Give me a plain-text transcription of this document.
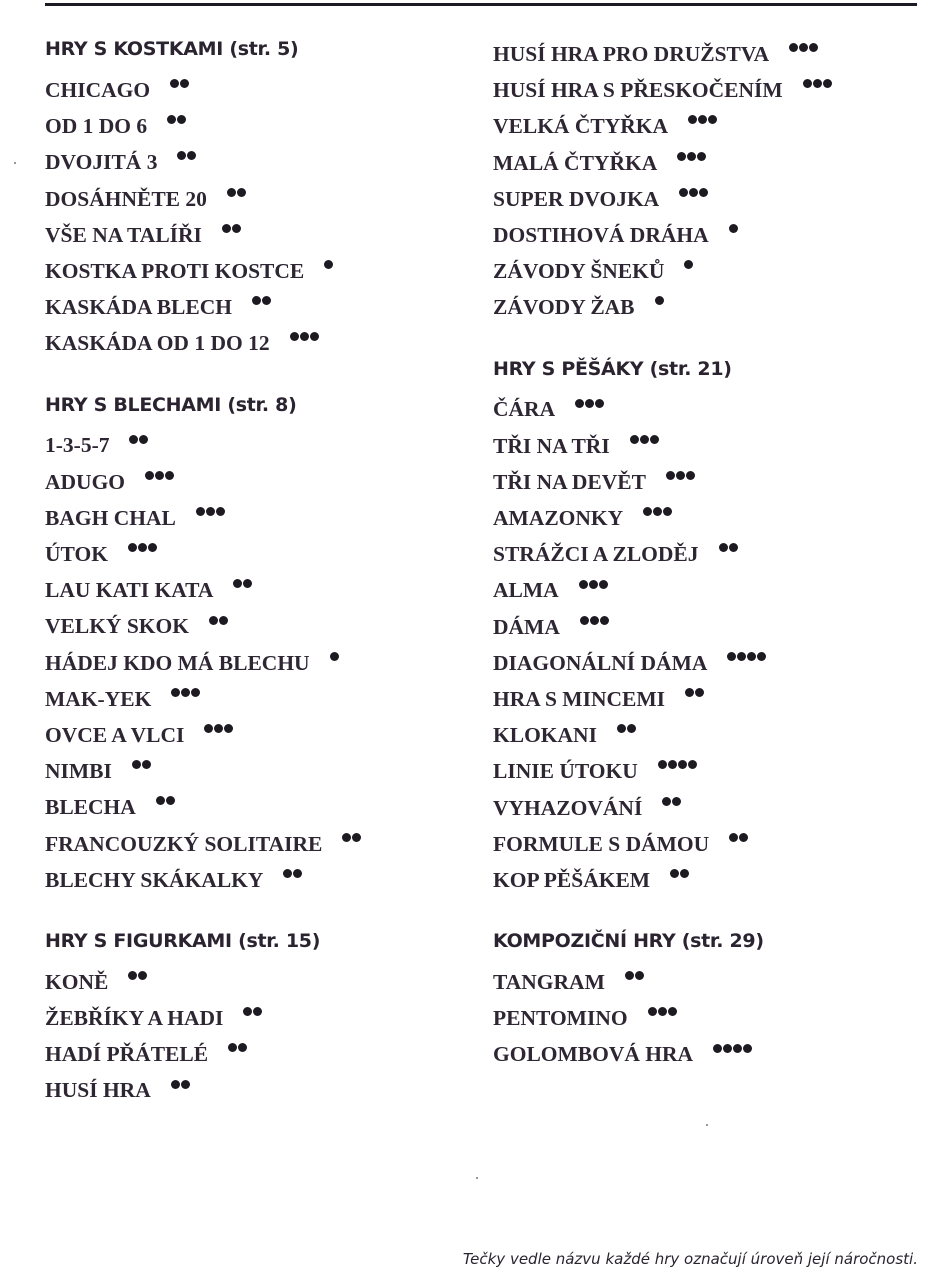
HRY S KOSTKAMI (str. 5)
CHICAGO
OD 1 DO 6
DVOJITÁ 3
DOSÁHNĚTE 20
VŠE NA TALÍŘI
KOSTKA PROTI KOSTCE
KASKÁDA BLECH
KASKÁDA OD 1 DO 12
HRY S BLECHAMI (str. 8)
1-3-5-7
ADUGO
BAGH CHAL
ÚTOK
LAU KATI KATA
VELKÝ SKOK
HÁDEJ KDO MÁ BLECHU
MAK-YEK
OVCE A VLCI
NIMBI
BLECHA
FRANCOUZKÝ SOLITAIRE
BLECHY SKÁKALKY
HRY S FIGURKAMI (str. 15)
KONĚ
ŽEBŘÍKY A HADI
HADÍ PŘÁTELÉ
HUSÍ HRA
HUSÍ HRA PRO DRUŽSTVA
HUSÍ HRA S PŘESKOČENÍM
VELKÁ ČTYŘKA
MALÁ ČTYŘKA
SUPER DVOJKA
DOSTIHOVÁ DRÁHA
ZÁVODY ŠNEKŮ
ZÁVODY ŽAB
HRY S PĚŠÁKY (str. 21)
ČÁRA
TŘI NA TŘI
TŘI NA DEVĚT
AMAZONKY
STRÁŽCI A ZLODĚJ
ALMA
DÁMA
DIAGONÁLNÍ DÁMA
HRA S MINCEMI
KLOKANI
LINIE ÚTOKU
VYHAZOVÁNÍ
FORMULE S DÁMOU
KOP PĚŠÁKEM
KOMPOZIČNÍ HRY (str. 29)
TANGRAM
PENTOMINO
GOLOMBOVÁ HRA
Tečky vedle názvu každé hry označují úroveň její náročnosti.
